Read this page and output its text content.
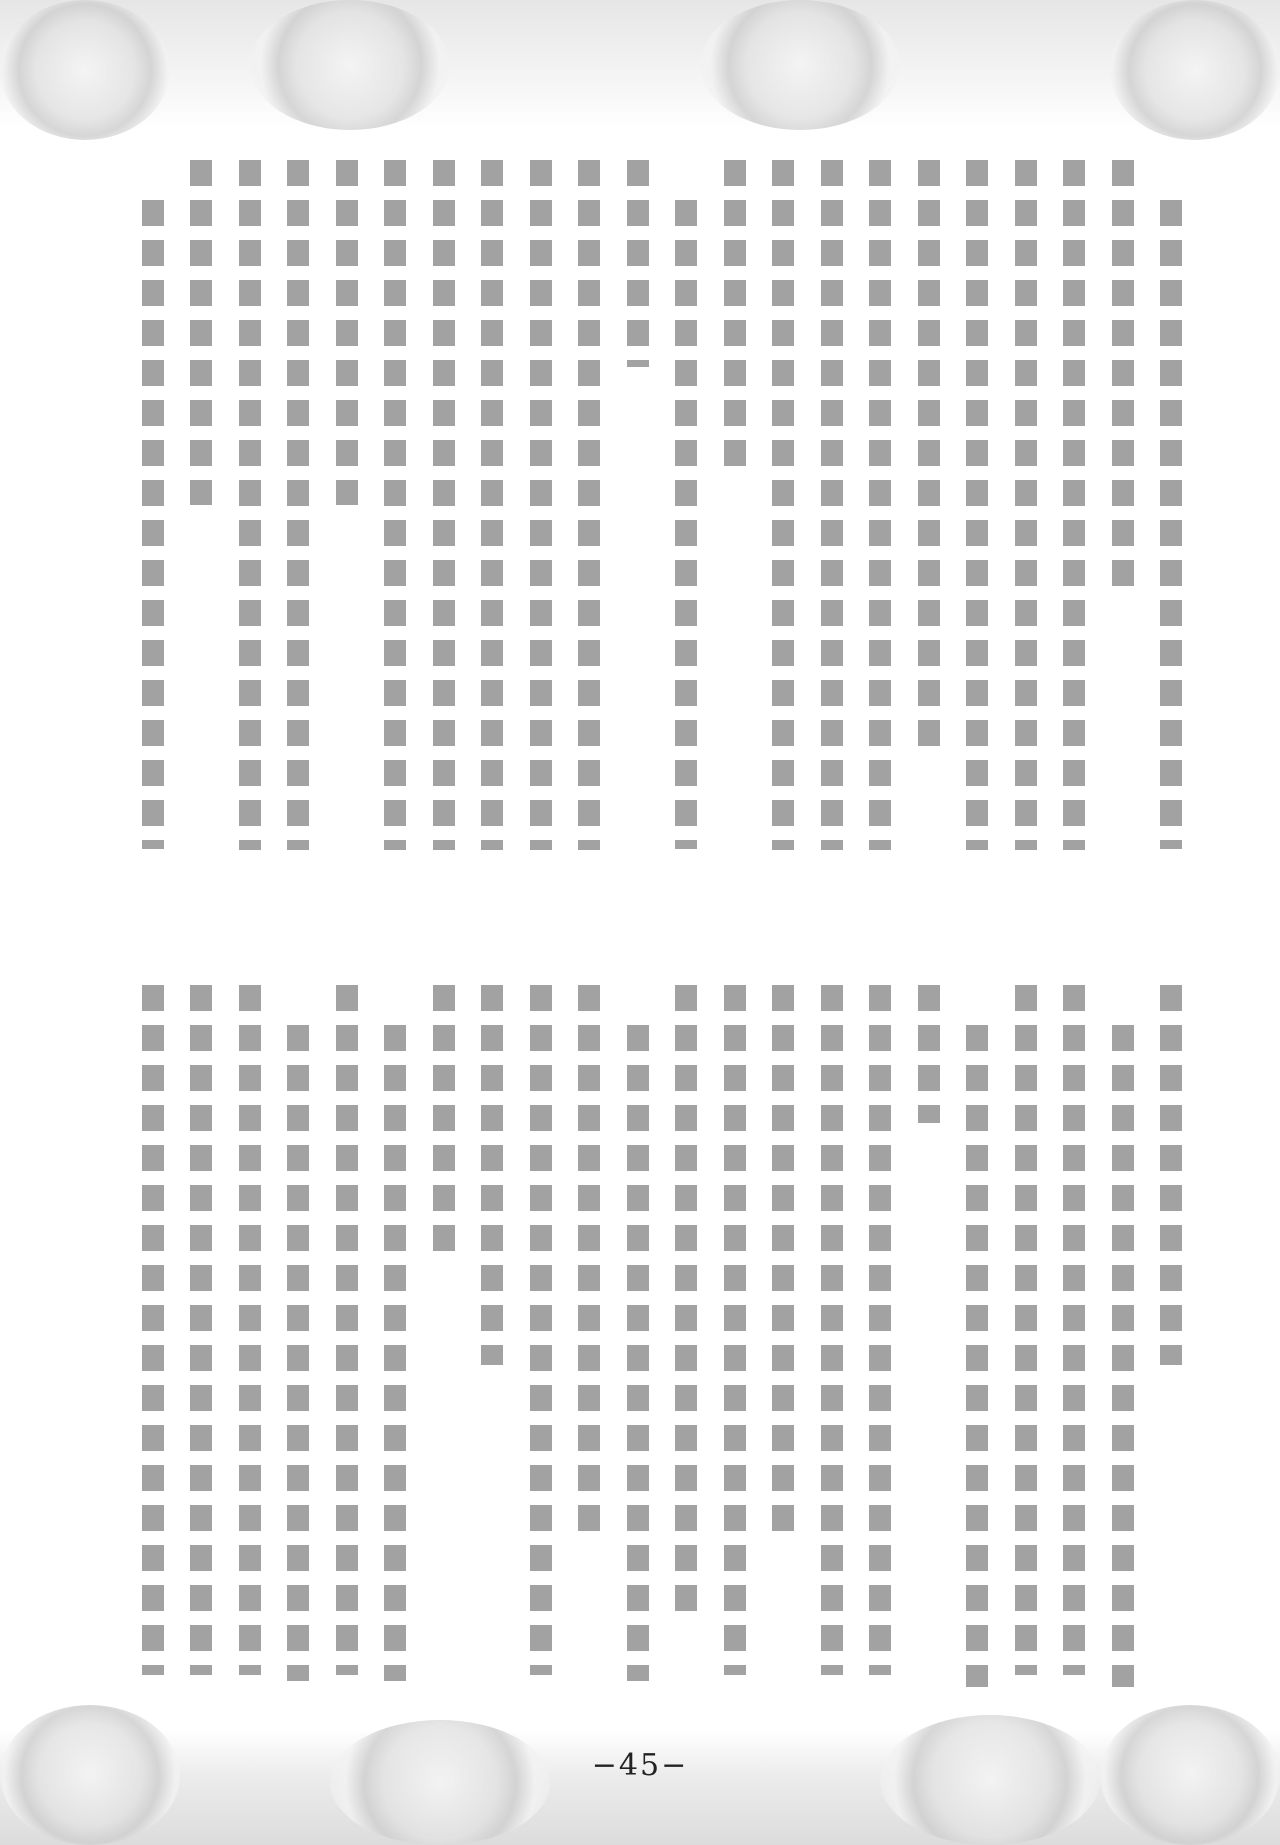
−45−
